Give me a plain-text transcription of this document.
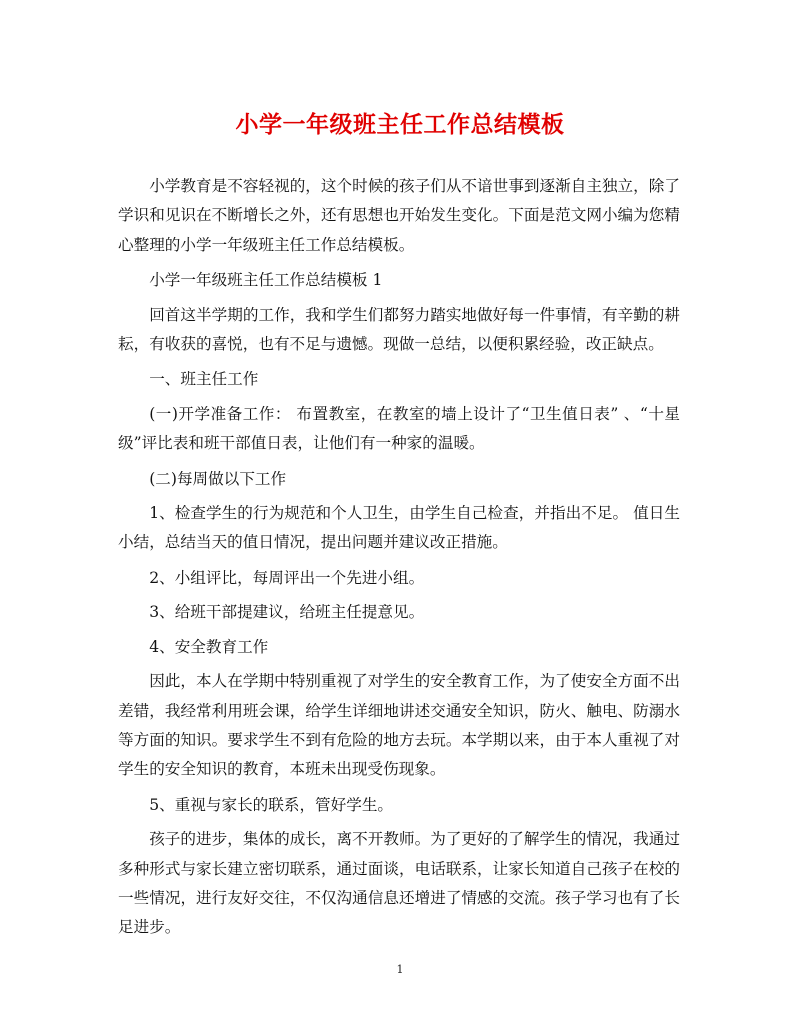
小学一年级班主任工作总结模板

小学教育是不容轻视的，这个时候的孩子们从不谙世事到逐渐自主独立，除了学识和见识在不断增长之外，还有思想也开始发生变化。下面是范文网小编为您精心整理的小学一年级班主任工作总结模板。

小学一年级班主任工作总结模板 1

回首这半学期的工作，我和学生们都努力踏实地做好每一件事情，有辛勤的耕耘，有收获的喜悦，也有不足与遗憾。现做一总结，以便积累经验，改正缺点。

一、班主任工作

(一)开学准备工作： 布置教室，在教室的墙上设计了“卫生值日表” 、“十星级”评比表和班干部值日表，让他们有一种家的温暖。

(二)每周做以下工作

1、检查学生的行为规范和个人卫生，由学生自己检查，并指出不足。 值日生小结，总结当天的值日情况，提出问题并建议改正措施。

2、小组评比，每周评出一个先进小组。

3、给班干部提建议，给班主任提意见。

4、安全教育工作

因此，本人在学期中特别重视了对学生的安全教育工作，为了使安全方面不出差错，我经常利用班会课，给学生详细地讲述交通安全知识，防火、触电、防溺水等方面的知识。要求学生不到有危险的地方去玩。本学期以来，由于本人重视了对学生的安全知识的教育，本班未出现受伤现象。

5、重视与家长的联系，管好学生。

孩子的进步，集体的成长，离不开教师。为了更好的了解学生的情况，我通过多种形式与家长建立密切联系，通过面谈，电话联系，让家长知道自己孩子在校的一些情况，进行友好交往，不仅沟通信息还增进了情感的交流。孩子学习也有了长足进步。

1
